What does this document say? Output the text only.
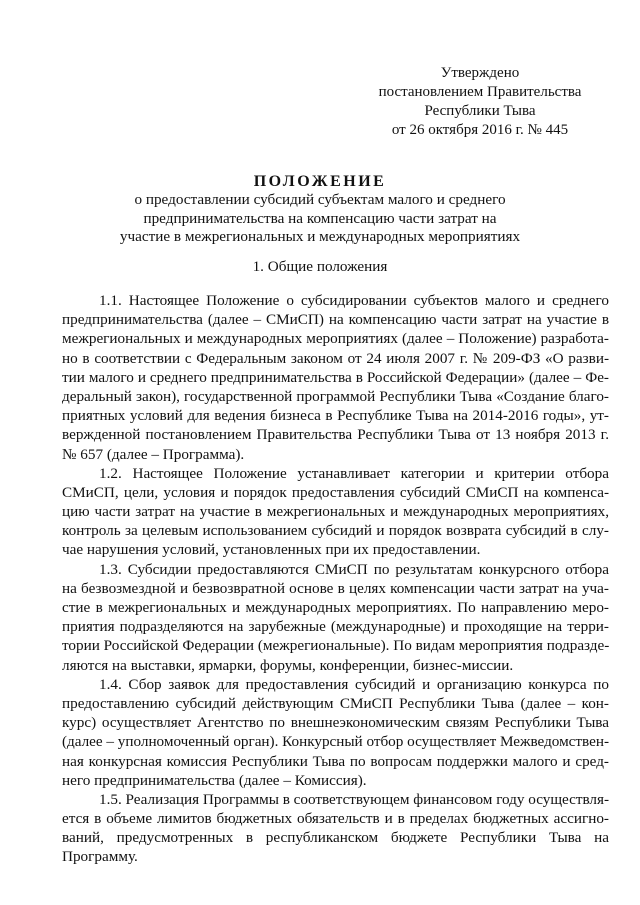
Утверждено
постановлением Правительства
Республики Тыва
от 26 октября 2016 г. № 445
ПОЛОЖЕНИЕ
о предоставлении субсидий субъектам малого и среднего
предпринимательства на компенсацию части затрат на
участие в межрегиональных и международных мероприятиях
1. Общие положения
1.1. Настоящее Положение о субсидировании субъектов малого и среднего
предпринимательства (далее – СМиСП) на компенсацию части затрат на участие в
межрегиональных и международных мероприятиях (далее – Положение) разработа-
но в соответствии с Федеральным законом от 24 июля 2007 г. № 209-ФЗ «О разви-
тии малого и среднего предпринимательства в Российской Федерации» (далее – Фе-
деральный закон), государственной программой Республики Тыва «Создание благо-
приятных условий для ведения бизнеса в Республике Тыва на 2014-2016 годы», ут-
вержденной постановлением Правительства Республики Тыва от 13 ноября 2013 г.
№ 657 (далее – Программа).
1.2. Настоящее Положение устанавливает категории и критерии отбора
СМиСП, цели, условия и порядок предоставления субсидий СМиСП на компенса-
цию части затрат на участие в межрегиональных и международных мероприятиях,
контроль за целевым использованием субсидий и порядок возврата субсидий в слу-
чае нарушения условий, установленных при их предоставлении.
1.3. Субсидии предоставляются СМиСП по результатам конкурсного отбора
на безвозмездной и безвозвратной основе в целях компенсации части затрат на уча-
стие в межрегиональных и международных мероприятиях. По направлению меро-
приятия подразделяются на зарубежные (международные) и проходящие на терри-
тории Российской Федерации (межрегиональные). По видам мероприятия подразде-
ляются на выставки, ярмарки, форумы, конференции, бизнес-миссии.
1.4. Сбор заявок для предоставления субсидий и организацию конкурса по
предоставлению субсидий действующим СМиСП Республики Тыва (далее – кон-
курс) осуществляет Агентство по внешнеэкономическим связям Республики Тыва
(далее – уполномоченный орган). Конкурсный отбор осуществляет Межведомствен-
ная конкурсная комиссия Республики Тыва по вопросам поддержки малого и сред-
него предпринимательства (далее – Комиссия).
1.5. Реализация Программы в соответствующем финансовом году осуществля-
ется в объеме лимитов бюджетных обязательств и в пределах бюджетных ассигно-
ваний, предусмотренных в республиканском бюджете Республики Тыва на
Программу.
